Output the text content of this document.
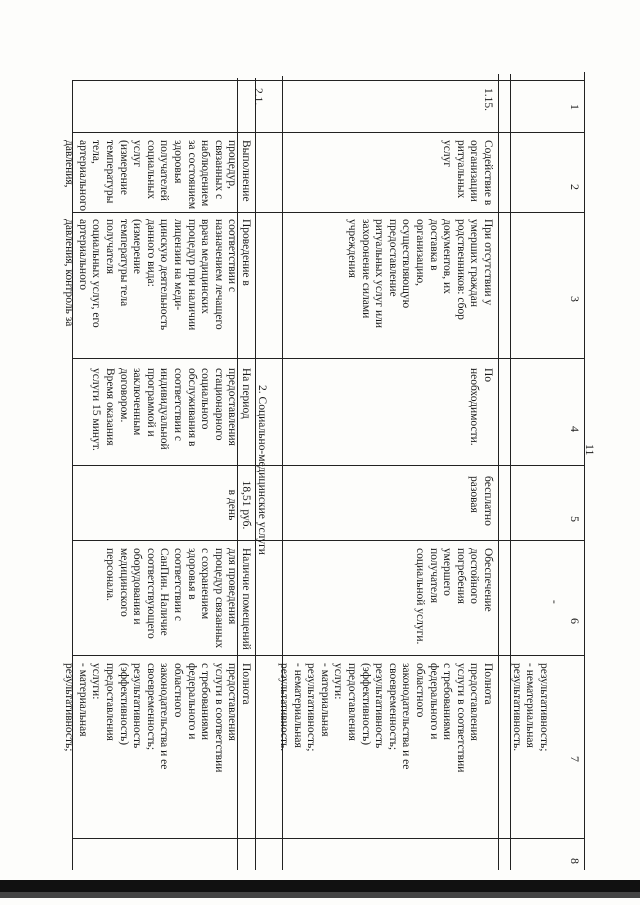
1
2
3
4
5
6
7
8
11
-
результативность;
- нематериальная
результативность.
1.15.
Содействие в
организации
ритуальных
услуг
При отсутствии у
умерших граждан
родственников: сбор
документов, их
доставка в
организацию,
осуществляющую
предоставление
ритуальных услуг или
захоронение силами
учреждения
По
необходимости.
бесплатно
разовая
Обеспечение
достойного
погребения
умершего
получателя
социальной услуги.
Полнота
предоставления
услуги в соответствии
с требованиями
федерального и
областного
законодательства и ее
своевременность;
результативность
(эффективность)
предоставления
услуги:
- материальная
результативность;
- нематериальная
результативность.
2. Социально-медицинские услуги
2.1.
Выполнение
процедур,
связанных с
наблюдением
за состоянием
здоровья
получателей
социальных
услуг
(измерение
температуры
тела,
артериального
давления,
Проведение в
соответствии с
назначением лечащего
врача медицинских
процедур при наличии
лицензии на меди-
цинскую деятельность
данного вида:
(измерение
температуры тела
получателя
социальных услуг, его
артериального
давления, контроль за
На период
предоставления
стационарного
социального
обслуживания в
соответствии с
индивидуальной
программой и
заключенным
договором.
Время оказания
услуги 15 минут.
18,51 руб.
в день
Наличие помещений
для проведения
процедур связанных
с сохранением
здоровья в
соответствии с
СанПин. Наличие
соответствующего
оборудования и
медицинского
персонала.
Полнота
предоставления
услуги в соответствии
с требованиями
федерального и
областного
законодательства и ее
своевременность;
результативность
(эффективность)
предоставления
услуги:
- материальная
результативность;
